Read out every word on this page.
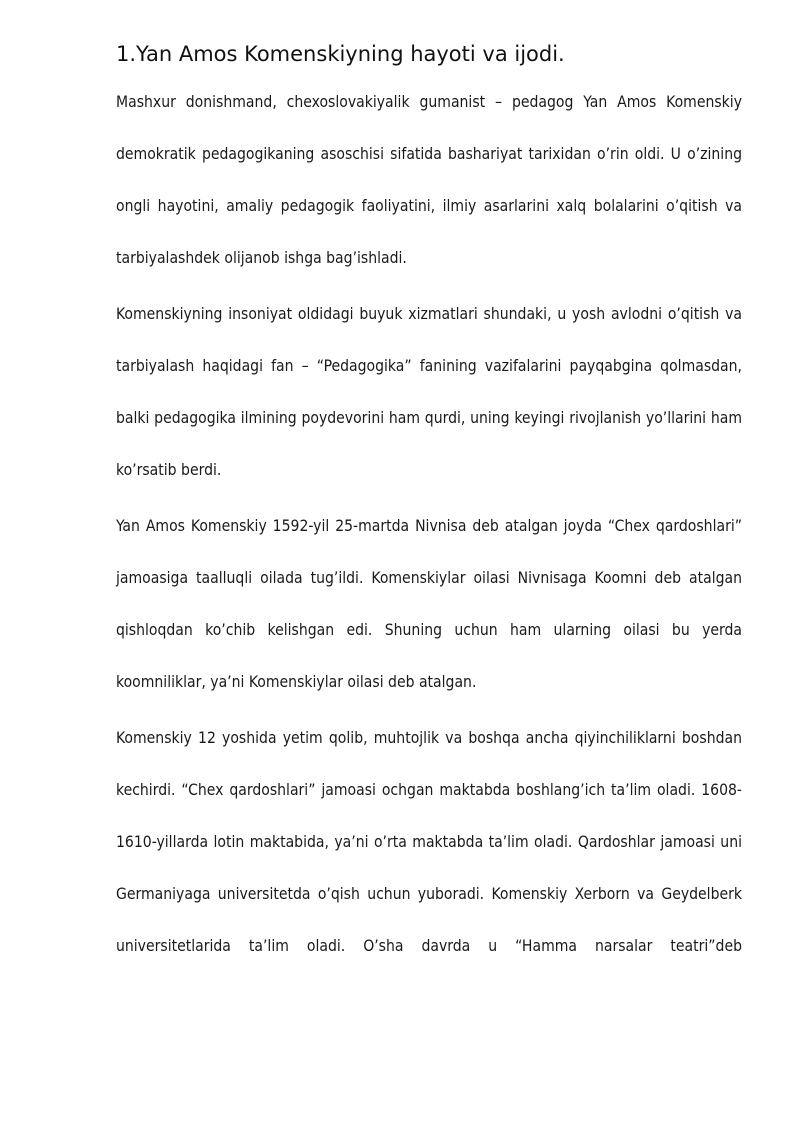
1.Yan Amos Komenskiyning hayoti va ijodi.

Mashxur donishmand, chexoslovakiyalik gumanist – pedagog Yan Amos Komenskiy demokratik pedagogikaning asoschisi sifatida bashariyat tarixidan o’rin oldi. U o’zining ongli hayotini, amaliy pedagogik faoliyatini, ilmiy asarlarini xalq bolalarini o’qitish va tarbiyalashdek olijanob ishga bag’ishladi.

Komenskiyning insoniyat oldidagi buyuk xizmatlari shundaki, u yosh avlodni o’qitish va tarbiyalash haqidagi fan – “Pedagogika” fanining vazifalarini payqabgina qolmasdan, balki pedagogika ilmining poydevorini ham qurdi, uning keyingi rivojlanish yo’llarini ham ko’rsatib berdi.

Yan Amos Komenskiy 1592-yil 25-martda Nivnisa deb atalgan joyda “Chex qardoshlari” jamoasiga taalluqli oilada tug’ildi. Komenskiylar oilasi Nivnisaga Koomni deb atalgan qishloqdan ko’chib kelishgan edi. Shuning uchun ham ularning oilasi bu yerda koomniliklar, ya’ni Komenskiylar oilasi deb atalgan.

Komenskiy 12 yoshida yetim qolib, muhtojlik va boshqa ancha qiyinchiliklarni boshdan kechirdi. “Chex qardoshlari” jamoasi ochgan maktabda boshlang’ich ta’lim oladi. 1608-1610-yillarda lotin maktabida, ya’ni o’rta maktabda ta’lim oladi. Qardoshlar jamoasi uni Germaniyaga universitetda o’qish uchun yuboradi. Komenskiy Xerborn va Geydelberk universitetlarida ta’lim oladi. O’sha davrda u “Hamma narsalar teatri”deb
